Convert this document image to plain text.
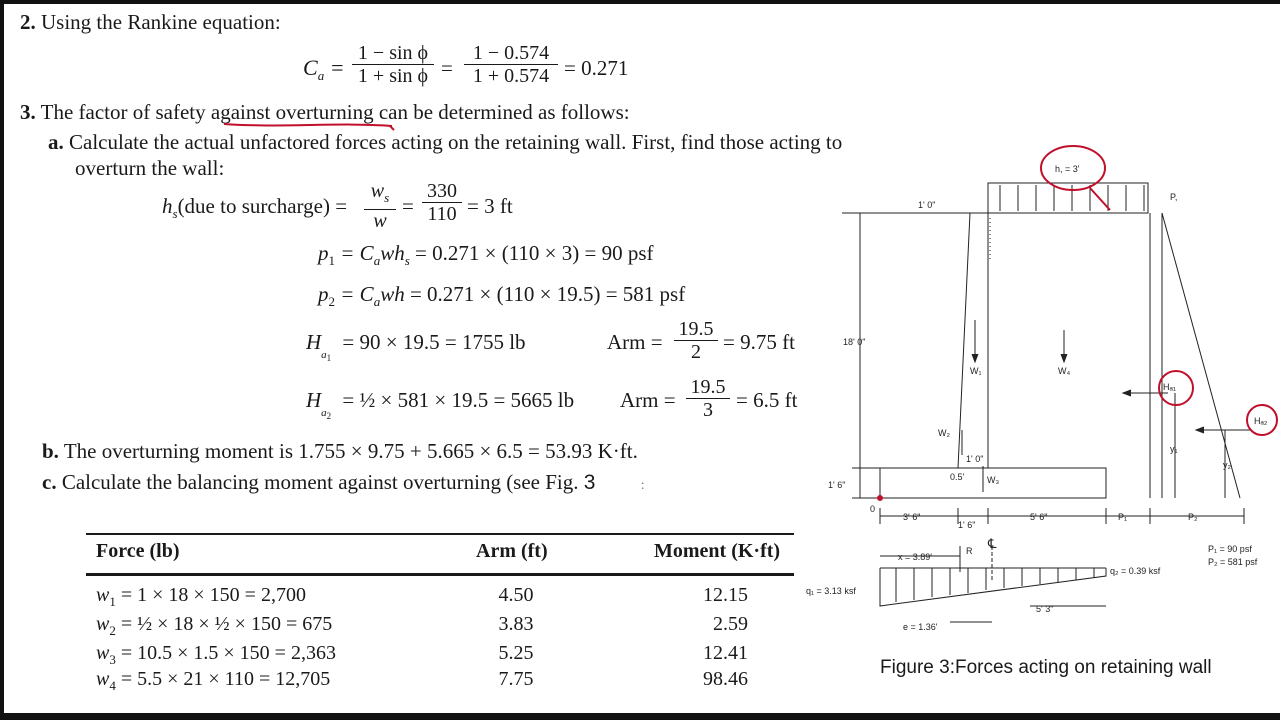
2. Using the Rankine equation:
$C_a = \frac{\text{1 − sin ϕ}}{\text{1 + sin ϕ}} = \frac{1 - 0.574}{1 + 0.574} = 0.271$
3. The factor of safety against overturning can be determined as follows:
a. Calculate the actual unfactored forces acting on the retaining wall. First, find those acting to
overturn the wall:
$h_s(due$ to surcharge) = $\frac{w_s}{w} = \frac{330}{110} = 3$ ft
$p_1 = C_awh_s = 0.271 \times (110 \times 3) = 90$ psf
$p_2 = C_awh = 0.271 \times (110 \times 19.5) = 581$ psf
$H_{a1} = 90 \times 19.5 = 1755$ lb	Arm = $\frac{19.5}{2} = 9.75$ ft
$H_{a2}$ = ½ × 581 × 19.5 = 5665 lb Arm = $\frac{19.5}{3} = 6.5$ ft
b. The overturning moment is 1.755 × 9.75 + 5.665 × 6.5 = 53.93 K·ft.
c. Calculate the balancing moment against overturning (see Fig. 3	:
Force (lb)	Arm (ft)	Moment (K·ft)
$w_1 = 1 \times 18 \times 150 = 2,700$	4.50	12.15
$w_2$ = ½ × 18 × ½ × 150 = 675	3.83	2.59
$w_3 = 10.5 \times 1.5 \times 150 = 2,363$	5.25	12.41
$w_4 = 5.5 \times 21 \times 110 = 12,705$	7.75	98.46
h, = 3'
1' 0"
P,
18' 0"
W₁	W₄
W₂
Hₐ₁
Hₐ₂
y₁
y₂
1' 0"
0.5'	W₃
1' 6"
0
3' 6"
1' 6"
5' 6"	P₁	P₂
x = 3.89'
R ℄
q₁ = 3.13 ksf
q₂ = 0.39 ksf
5' 3"
e = 1.36'
P₁ = 90 psf
P₂ = 581 psf
Figure 3:Forces acting on retaining wall
